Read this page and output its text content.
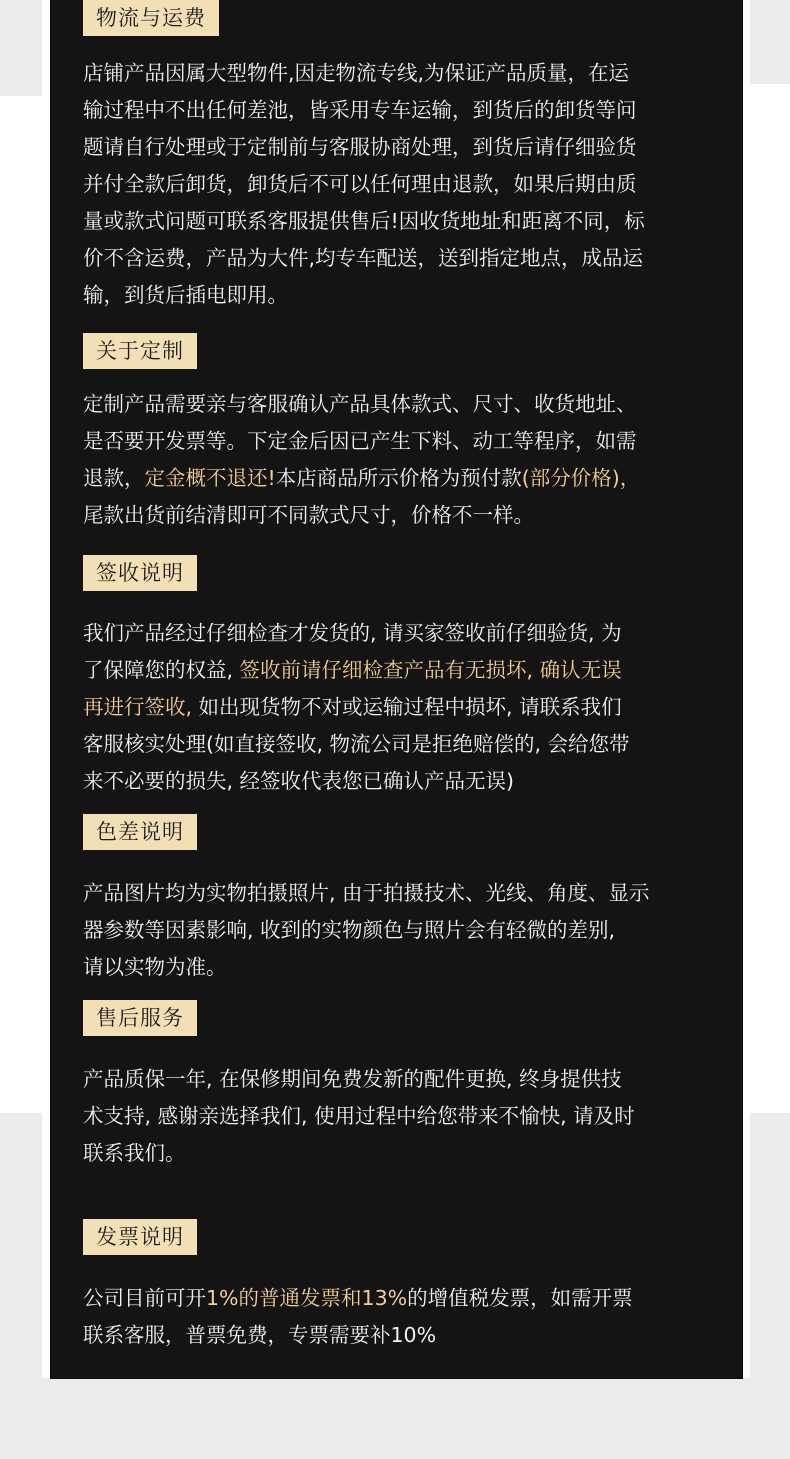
物流与运费
店铺产品因属大型物件,因走物流专线,为保证产品质量，在运
输过程中不出任何差池，皆采用专车运输，到货后的卸货等问
题请自行处理或于定制前与客服协商处理，到货后请仔细验货
并付全款后卸货，卸货后不可以任何理由退款，如果后期由质
量或款式问题可联系客服提供售后!因收货地址和距离不同，标
价不含运费，产品为大件,均专车配送，送到指定地点，成品运
输，到货后插电即用。
关于定制
定制产品需要亲与客服确认产品具体款式、尺寸、收货地址、
是否要开发票等。下定金后因已产生下料、动工等程序，如需
退款，定金概不退还!本店商品所示价格为预付款(部分价格)，
尾款出货前结清即可不同款式尺寸，价格不一样。
签收说明
我们产品经过仔细检查才发货的, 请买家签收前仔细验货, 为
了保障您的权益, 签收前请仔细检查产品有无损坏, 确认无误
再进行签收, 如出现货物不对或运输过程中损坏, 请联系我们
客服核实处理(如直接签收, 物流公司是拒绝赔偿的, 会给您带
来不必要的损失, 经签收代表您已确认产品无误)
色差说明
产品图片均为实物拍摄照片, 由于拍摄技术、光线、角度、显示
器参数等因素影响, 收到的实物颜色与照片会有轻微的差别,
请以实物为准。
售后服务
产品质保一年, 在保修期间免费发新的配件更换, 终身提供技
术支持, 感谢亲选择我们, 使用过程中给您带来不愉快, 请及时
联系我们。
发票说明
公司目前可开1%的普通发票和13%的增值税发票，如需开票
联系客服，普票免费，专票需要补10%
